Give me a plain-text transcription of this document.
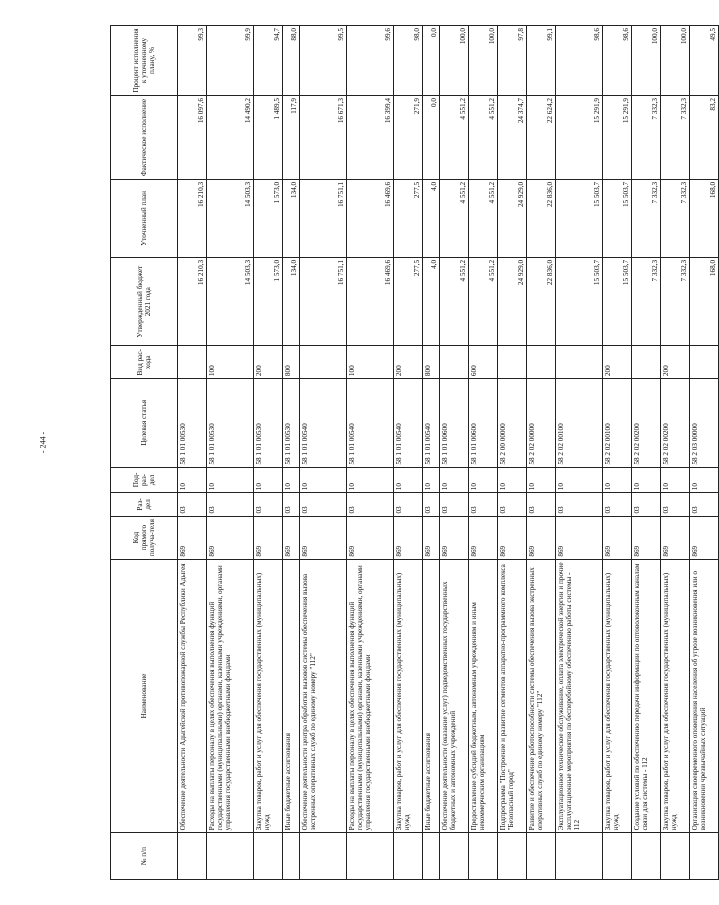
- 244 -
№ п/п	Наименование	Код прямого получа-теля	Раз-дел	Под-раз-дел	Целевая статья	Вид рас-хода	Утвержденный бюджет 2021 года	Уточненный план	Фактическое исполнение	Процент исполнения к уточненному плану, %
	Обеспечение деятельности Адыгейской противопожарной службы Республики Адыгея	869	03	10	58 1 01 00530		16 210,3	16 210,3	16 097,6	99,3
	Расходы на выплаты персоналу в целях обеспечения выполнения функций государственными (муниципальными) органами, казенными учреждениями, органами управления государственными внебюджетными фондами	869	03	10	58 1 01 00530	100	14 503,3	14 503,3	14 490,2	99,9
	Закупка товаров, работ и услуг для обеспечения государственных (муниципальных) нужд	869	03	10	58 1 01 00530	200	1 573,0	1 573,0	1 489,5	94,7
	Иные бюджетные ассигнования	869	03	10	58 1 01 00530	800	134,0	134,0	117,9	88,0
	Обеспечение деятельности центра обработки вызовов системы обеспечения вызова экстренных оперативных служб по единому номеру "112"	869	03	10	58 1 01 00540		16 751,1	16 751,1	16 671,3	99,5
	Расходы на выплаты персоналу в целях обеспечения выполнения функций государственными (муниципальными) органами, казенными учреждениями, органами управления государственными внебюджетными фондами	869	03	10	58 1 01 00540	100	16 469,6	16 469,6	16 399,4	99,6
	Закупка товаров, работ и услуг для обеспечения государственных (муниципальных) нужд	869	03	10	58 1 01 00540	200	277,5	277,5	271,9	98,0
	Иные бюджетные ассигнования	869	03	10	58 1 01 00540	800	4,0	4,0	0,0	0,0
	Обеспечение деятельности (оказание услуг) подведомственных государственных бюджетных и автономных учреждений	869	03	10	58 1 01 00600		4 551,2	4 551,2	4 551,2	100,0
	Предоставление субсидий бюджетным, автономным учреждениям и иным некоммерческим организациям	869	03	10	58 1 01 00600	600	4 551,2	4 551,2	4 551,2	100,0
	Подпрограмма "Построение и развитие сегментов аппаратно-программного комплекса "Безопасный город"	869	03	10	58 2 00 00000		24 929,0	24 929,0	24 374,7	97,8
	Развитие и обеспечение работоспособности системы обеспечения вызова экстренных оперативных служб по единому номеру "112"	869	03	10	58 2 02 00000		22 836,0	22 836,0	22 624,2	99,1
	Эксплуатационное техническое обслуживание, оплата электрической энергии и прочие эксплуатационные мероприятия по бесперебойному обеспечению работы системы - 112	869	03	10	58 2 02 00100		15 503,7	15 503,7	15 291,9	98,6
	Закупка товаров, работ и услуг для обеспечения государственных (муниципальных) нужд	869	03	10	58 2 02 00100	200	15 503,7	15 503,7	15 291,9	98,6
	Создание условий по обеспечению передачи информации по оптоволоконным каналам связи для системы - 112	869	03	10	58 2 02 00200		7 332,3	7 332,3	7 332,3	100,0
	Закупка товаров, работ и услуг для обеспечения государственных (муниципальных) нужд	869	03	10	58 2 02 00200	200	7 332,3	7 332,3	7 332,3	100,0
	Организация своевременного оповещения населения об угрозе возникновения или о возникновении чрезвычайных ситуаций	869	03	10	58 2 03 00000		168,0	168,0	83,2	49,5
